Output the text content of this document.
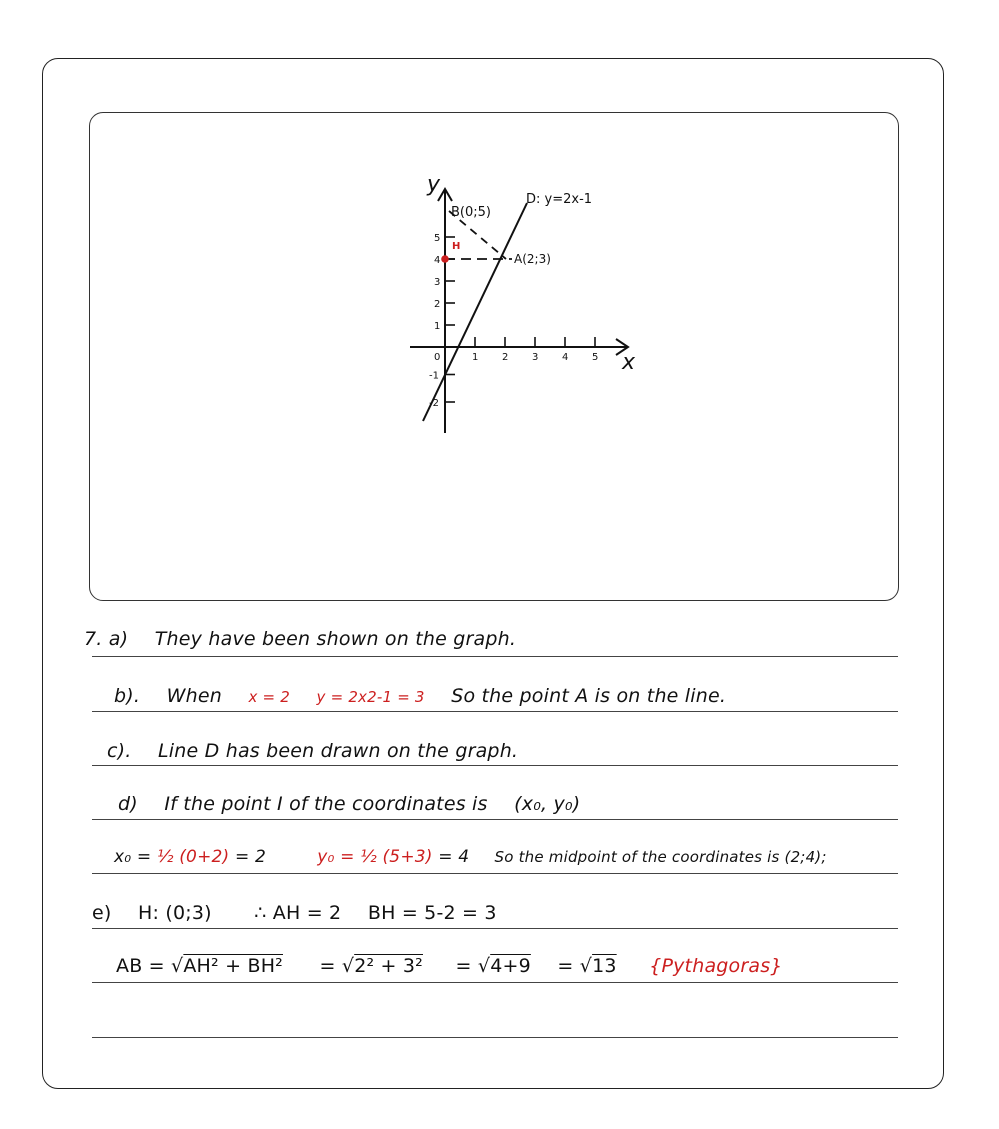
1 2 3 4 5
1
2
3
4
5
-1
-2
y
x
B(0;5)
A(2;3)
H
D: y=2x-1
0
7. a) They have been shown on the graph.
b). When x = 2 y = 2x2-1 = 3 So the point A is on the line.
c). Line D has been drawn on the graph.
d) If the point I of the coordinates is (x₀, y₀)
x₀ = ½ (0+2) = 2	y₀ = ½ (5+3) = 4 So the midpoint of the coordinates is (2;4);
e) H: (0;3) ∴ AH = 2 BH = 5-2 = 3
AB = √AH² + BH² = √2² + 3² = √4+9 = √13 {Pythagoras}
